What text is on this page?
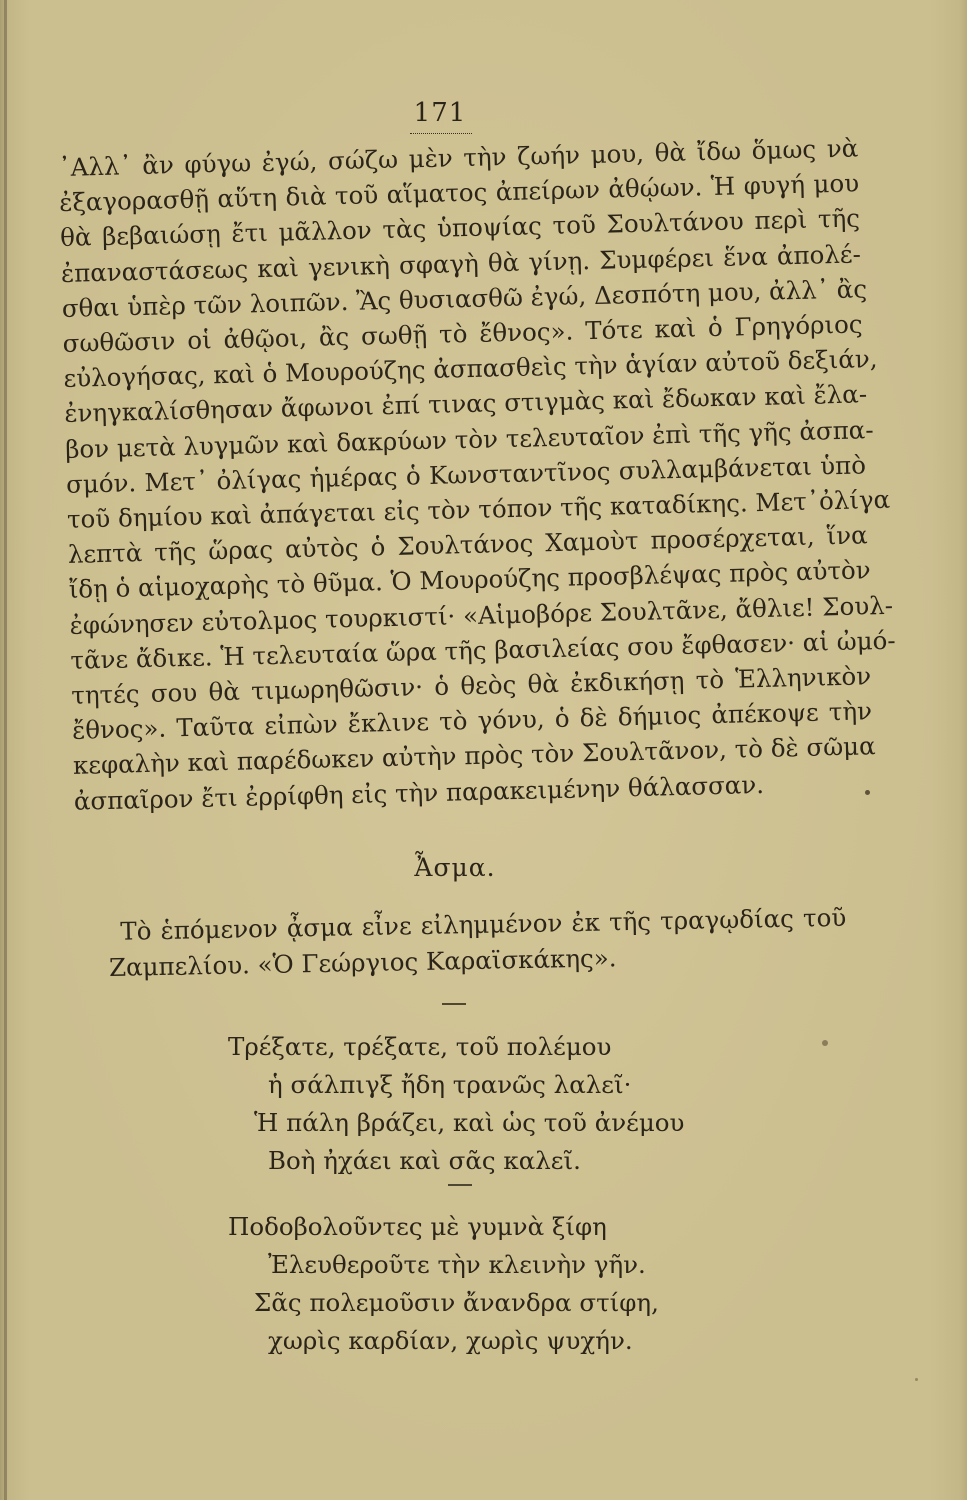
171
᾿Αλλ᾿ ἂν φύγω ἐγώ, σώζω μὲν τὴν ζωήν μου, θὰ ἴδω ὅμως νὰ
ἐξαγορασθῇ αὕτη διὰ τοῦ αἵματος ἀπείρων ἀθῴων. Ἡ φυγή μου
θὰ βεβαιώσῃ ἔτι μᾶλλον τὰς ὑποψίας τοῦ Σουλτάνου περὶ τῆς
ἐπαναστάσεως καὶ γενικὴ σφαγὴ θὰ γίνῃ. Συμφέρει ἕνα ἀπολέ-
σθαι ὑπὲρ τῶν λοιπῶν. Ἂς θυσιασθῶ ἐγώ, Δεσπότη μου, ἀλλ᾿ ἂς
σωθῶσιν οἱ ἀθῷοι, ἂς σωθῇ τὸ ἔθνος». Τότε καὶ ὁ Γρηγόριος
εὐλογήσας, καὶ ὁ Μουρούζης ἀσπασθεὶς τὴν ἁγίαν αὐτοῦ δεξιάν,
ἐνηγκαλίσθησαν ἄφωνοι ἐπί τινας στιγμὰς καὶ ἔδωκαν καὶ ἔλα-
βον μετὰ λυγμῶν καὶ δακρύων τὸν τελευταῖον ἐπὶ τῆς γῆς ἀσπα-
σμόν. Μετ᾿ ὀλίγας ἡμέρας ὁ Κωνσταντῖνος συλλαμβάνεται ὑπὸ
τοῦ δημίου καὶ ἀπάγεται εἰς τὸν τόπον τῆς καταδίκης. Μετ᾿ὀλίγα
λεπτὰ τῆς ὥρας αὐτὸς ὁ Σουλτάνος Χαμοὺτ προσέρχεται, ἵνα
ἴδῃ ὁ αἱμοχαρὴς τὸ θῦμα. Ὁ Μουρούζης προσβλέψας πρὸς αὐτὸν
ἐφώνησεν εὐτολμος τουρκιστί· «Αἱμοβόρε Σουλτᾶνε, ἄθλιε! Σουλ-
τᾶνε ἄδικε. Ἡ τελευταία ὥρα τῆς βασιλείας σου ἔφθασεν· αἱ ὠμό-
τητές σου θὰ τιμωρηθῶσιν· ὁ θεὸς θὰ ἐκδικήσῃ τὸ Ἑλληνικὸν
ἔθνος». Ταῦτα εἰπὼν ἔκλινε τὸ γόνυ, ὁ δὲ δήμιος ἀπέκοψε τὴν
κεφαλὴν καὶ παρέδωκεν αὐτὴν πρὸς τὸν Σουλτᾶνον, τὸ δὲ σῶμα
ἀσπαῖρον ἔτι ἐρρίφθη εἰς τὴν παρακειμένην θάλασσαν.
Ἆσμα.
Τὸ ἑπόμενον ᾆσμα εἶνε εἰλημμένον ἐκ τῆς τραγῳδίας τοῦ
Ζαμπελίου. «Ὁ Γεώργιος Καραϊσκάκης».
Τρέξατε, τρέξατε, τοῦ πολέμου
ἡ σάλπιγξ ἤδη τρανῶς λαλεῖ·
Ἡ πάλη βράζει, καὶ ὡς τοῦ ἀνέμου
Βοὴ ἠχάει καὶ σᾶς καλεῖ.
Ποδοβολοῦντες μὲ γυμνὰ ξίφη
Ἐλευθεροῦτε τὴν κλεινὴν γῆν.
Σᾶς πολεμοῦσιν ἄνανδρα στίφη,
χωρὶς καρδίαν, χωρὶς ψυχήν.
